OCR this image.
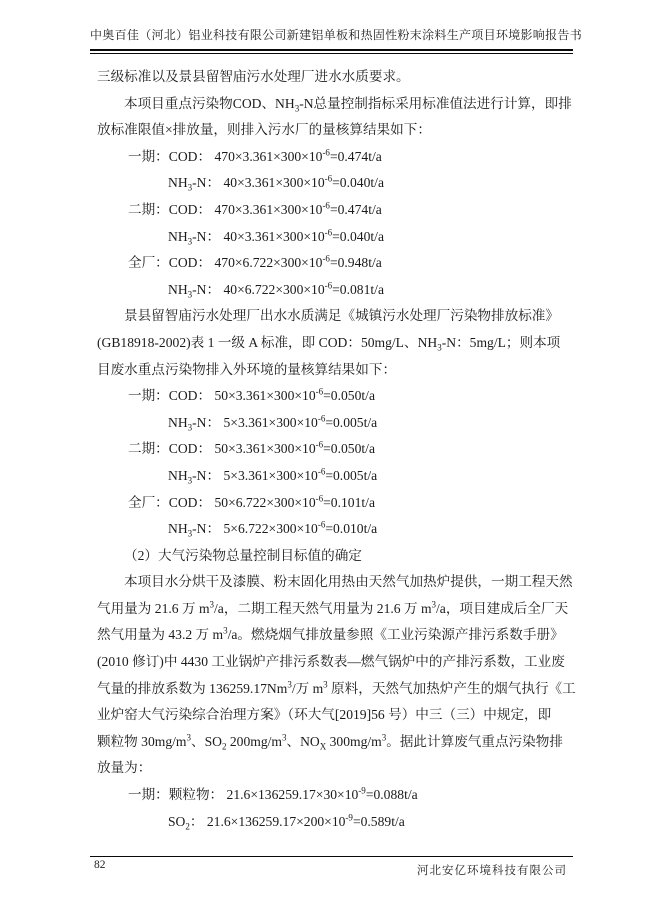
中奥百佳（河北）铝业科技有限公司新建铝单板和热固性粉末涂料生产项目环境影响报告书
三级标准以及景县留智庙污水处理厂进水水质要求。
本项目重点污染物COD、$NH_3-N$总量控制指标采用标准值法进行计算，即排
放标准限值×排放量，则排入污水厂的量核算结果如下：
一期：COD： $470\times 3.361\times 300\times 10^{-6}=0.474t/a$
$NH_3-N$： $40\times 3.361\times 300\times 10^{-6}=0.040t/a$
二期：COD： $470\times 3.361\times 300\times 10^{-6}=0.474t/a$
$NH_3-N$： $40\times 3.361\times 300\times 10^{-6}=0.040t/a$
全厂：COD： $470\times 6.722\times 300\times 10^{-6}=0.948t/a$
$NH_3-N$： $40\times 6.722\times 300\times 10^{-6}=0.081t/a$
景县留智庙污水处理厂出水水质满足《城镇污水处理厂污染物排放标准》
(GB18918-2002)表 1 一级 A 标准，即 COD：50mg/L、$NH_3-N$：5mg/L；则本项
目废水重点污染物排入外环境的量核算结果如下：
一期：COD： $50\times 3.361\times 300\times 10^{-6}=0.050t/a$
$NH_3-N$： $5\times 3.361\times 300\times 10^{-6}=0.005t/a$
二期：COD： $50\times 3.361\times 300\times 10^{-6}=0.050t/a$
$NH_3-N$： $5\times 3.361\times 300\times 10^{-6}=0.005t/a$
全厂：COD： $50\times 6.722\times 300\times 10^{-6}=0.101t/a$
$NH_3-N$： $5\times 6.722\times 300\times 10^{-6}=0.010t/a$
（2）大气污染物总量控制目标值的确定
本项目水分烘干及漆膜、粉末固化用热由天然气加热炉提供，一期工程天然
气用量为 21.6 万 $m^3/a$，二期工程天然气用量为 21.6 万 $m^3/a$，项目建成后全厂天
然气用量为 43.2 万 $m^3/a$。燃烧烟气排放量参照《工业污染源产排污系数手册》
(2010 修订)中 4430 工业锅炉产排污系数表—燃气锅炉中的产排污系数，工业废
气量的排放系数为 136259.17Nm$^3$/万 $m^3$ 原料，天然气加热炉产生的烟气执行《工
业炉窑大气污染综合治理方案》（环大气[2019]56 号）中三（三）中规定，即
颗粒物 $30mg/m^3$、$SO_2$ $200mg/m^3$、$NO_X$ $300mg/m^3$。据此计算废气重点污染物排
放量为：
一期：颗粒物： $21.6\times 136259.17\times 30\times 10^{-9}=0.088t/a$
$SO_2$： $21.6\times 136259.17\times 200\times 10^{-9}=0.589t/a$
82	河北安亿环境科技有限公司
